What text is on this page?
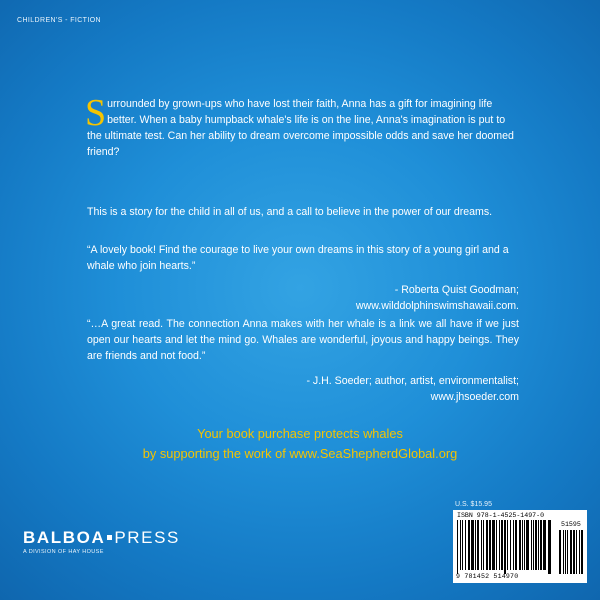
CHILDREN'S - FICTION

Surrounded by grown-ups who have lost their faith, Anna has a gift for imagining life better. When a baby humpback whale's life is on the line, Anna's imagination is put to the ultimate test. Can her ability to dream overcome impossible odds and save her doomed friend?

This is a story for the child in all of us, and a call to believe in the power of our dreams.

“A lovely book! Find the courage to live your own dreams in this story of a young girl and a whale who join hearts.”

- Roberta Quist Goodman; www.wilddolphinswimshawaii.com.

“…A great read. The connection Anna makes with her whale is a link we all have if we just open our hearts and let the mind go. Whales are wonderful, joyous and happy beings. They are friends and not food.”

- J.H. Soeder; author, artist, environmentalist; www.jhsoeder.com

Your book purchase protects whales

by supporting the work of www.SeaShepherdGlobal.org

BALBOA PRESS
A DIVISION OF HAY HOUSE
U.S. $15.95
ISBN 978-1-4525-1497-0
51595
9 781452 514970
